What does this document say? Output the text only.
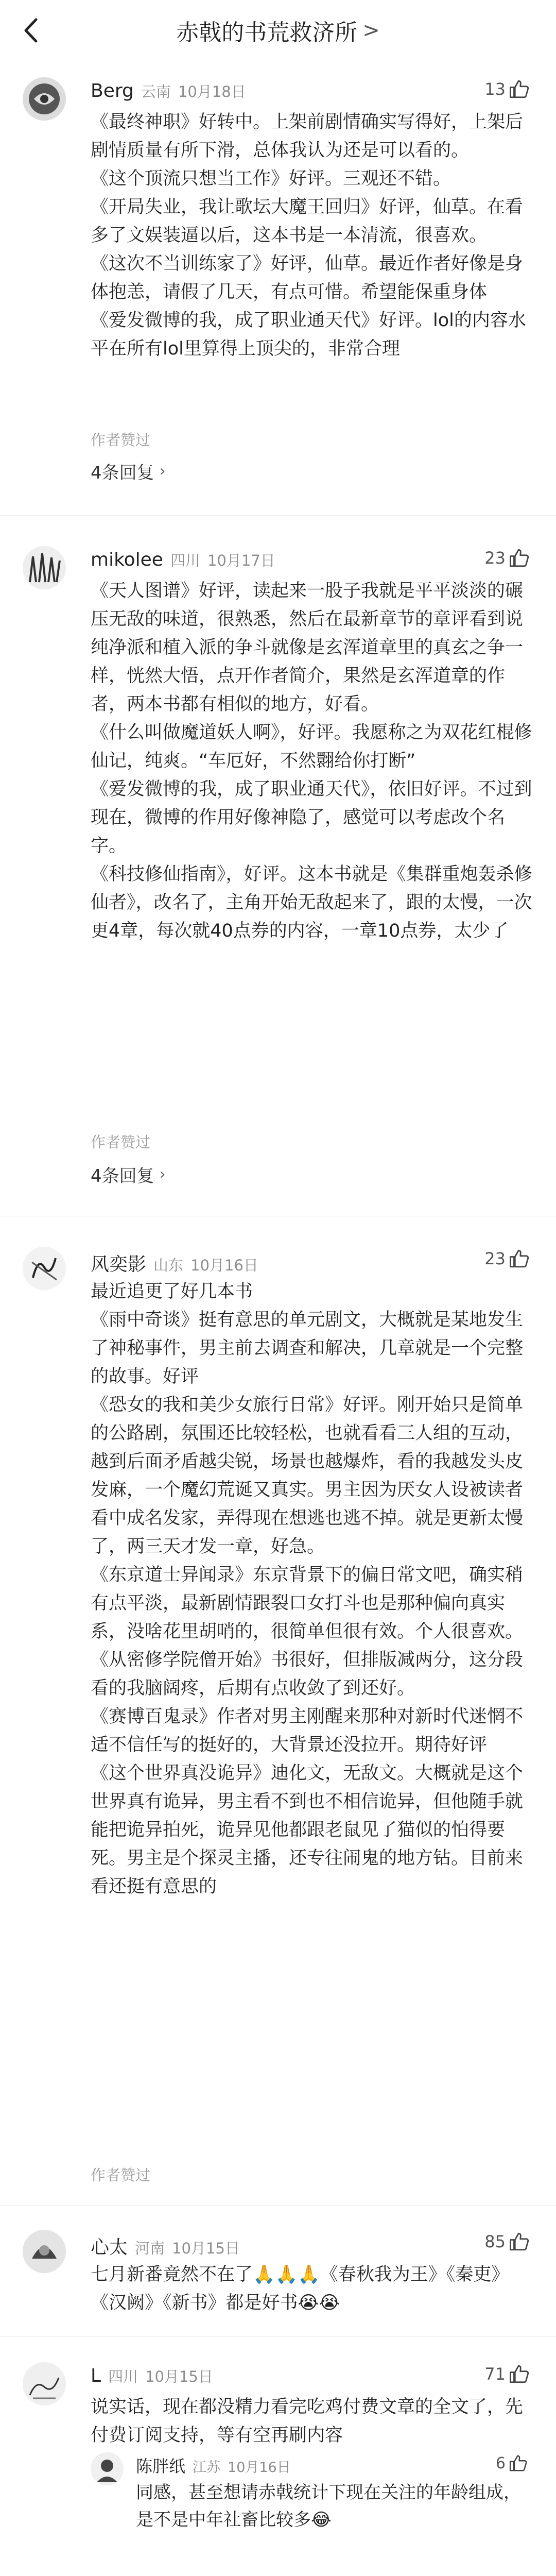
赤戟的书荒救济所 >
Berg 云南 10月18日	13

《最终神职》好转中。上架前剧情确实写得好，上架后剧情质量有所下滑，总体我认为还是可以看的。

《这个顶流只想当工作》好评。三观还不错。

《开局失业，我让歌坛大魔王回归》好评，仙草。在看多了文娱装逼以后，这本书是一本清流，很喜欢。

《这次不当训练家了》好评，仙草。最近作者好像是身体抱恙，请假了几天，有点可惜。希望能保重身体

《爱发微博的我，成了职业通天代》好评。lol的内容水平在所有lol里算得上顶尖的，非常合理

作者赞过
4条回复 ›
mikolee 四川 10月17日	23

《天人图谱》好评，读起来一股子我就是平平淡淡的碾压无敌的味道，很熟悉，然后在最新章节的章评看到说纯净派和植入派的争斗就像是玄浑道章里的真玄之争一样，恍然大悟，点开作者简介，果然是玄浑道章的作者，两本书都有相似的地方，好看。

《什么叫做魔道妖人啊》，好评。我愿称之为双花红棍修仙记，纯爽。“车厄好，不然翾给你打断”

《爱发微博的我，成了职业通天代》，依旧好评。不过到现在，微博的作用好像神隐了，感觉可以考虑改个名字。

《科技修仙指南》，好评。这本书就是《集群重炮轰杀修仙者》，改名了，主角开始无敌起来了，跟的太慢，一次更4章，每次就40点券的内容，一章10点券，太少了

作者赞过
4条回复 ›
风奕影 山东 10月16日	23

最近追更了好几本书

《雨中奇谈》挺有意思的单元剧文，大概就是某地发生了神秘事件，男主前去调查和解决，几章就是一个完整的故事。好评

《恐女的我和美少女旅行日常》好评。刚开始只是简单的公路剧，氛围还比较轻松，也就看看三人组的互动，越到后面矛盾越尖锐，场景也越爆炸，看的我越发头皮发麻，一个魔幻荒诞又真实。男主因为厌女人设被读者看中成名发家，弄得现在想逃也逃不掉。就是更新太慢了，两三天才发一章，好急。

《东京道士异闻录》东京背景下的偏日常文吧，确实稍有点平淡，最新剧情跟裂口女打斗也是那种偏向真实系，没啥花里胡哨的，很简单但很有效。个人很喜欢。

《从密修学院僧开始》书很好，但排版减两分，这分段看的我脑阔疼，后期有点收敛了到还好。

《赛博百鬼录》作者对男主刚醒来那种对新时代迷惘不适不信任写的挺好的，大背景还没拉开。期待好评

《这个世界真没诡异》迪化文，无敌文。大概就是这个世界真有诡异，男主看不到也不相信诡异，但他随手就能把诡异拍死，诡异见他都跟老鼠见了猫似的怕得要死。男主是个探灵主播，还专往闹鬼的地方钻。目前来看还挺有意思的

作者赞过
心太 河南 10月15日	85

七月新番竟然不在了🙏🙏🙏《春秋我为王》《秦吏》《汉阙》《新书》都是好书😭😭

L 四川 10月15日	71

说实话，现在都没精力看完吃鸡付费文章的全文了，先付费订阅支持，等有空再刷内容

陈胖纸 江苏 10月16日	6
同感，甚至想请赤戟统计下现在关注的年龄组成，是不是中年社畜比较多😂
